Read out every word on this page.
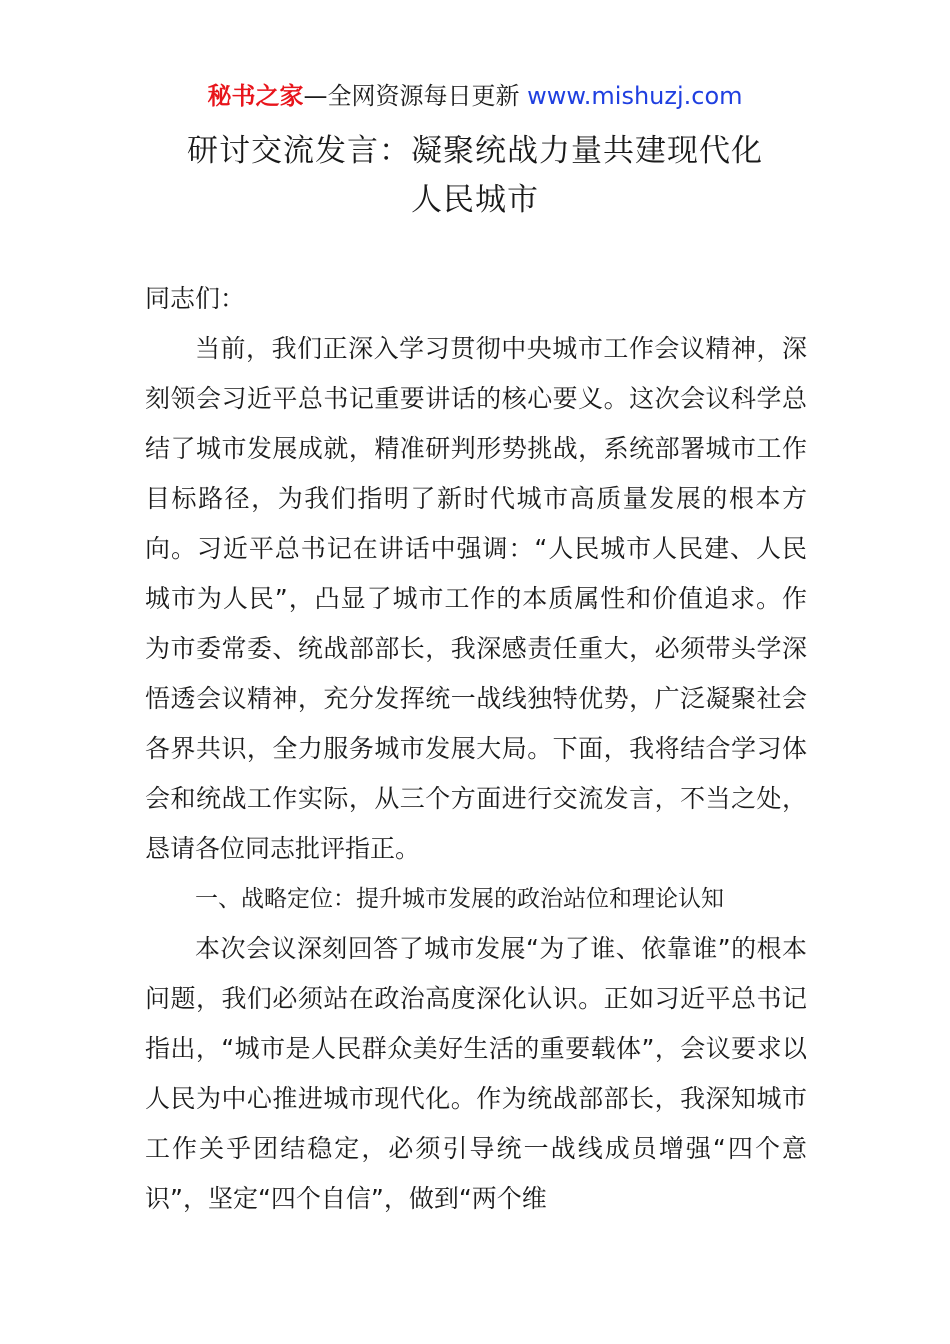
秘书之家—全网资源每日更新 www.mishuzj.com
研讨交流发言：凝聚统战力量共建现代化
人民城市

同志们：

当前，我们正深入学习贯彻中央城市工作会议精神，深刻领会习近平总书记重要讲话的核心要义。这次会议科学总结了城市发展成就，精准研判形势挑战，系统部署城市工作目标路径，为我们指明了新时代城市高质量发展的根本方向。习近平总书记在讲话中强调：“人民城市人民建、人民城市为人民”，凸显了城市工作的本质属性和价值追求。作为市委常委、统战部部长，我深感责任重大，必须带头学深悟透会议精神，充分发挥统一战线独特优势，广泛凝聚社会各界共识，全力服务城市发展大局。下面，我将结合学习体会和统战工作实际，从三个方面进行交流发言，不当之处，恳请各位同志批评指正。

一、战略定位：提升城市发展的政治站位和理论认知

本次会议深刻回答了城市发展“为了谁、依靠谁”的根本问题，我们必须站在政治高度深化认识。正如习近平总书记指出，“城市是人民群众美好生活的重要载体”，会议要求以人民为中心推进城市现代化。作为统战部部长，我深知城市工作关乎团结稳定，必须引导统一战线成员增强“四个意识”，坚定“四个自信”，做到“两个维
